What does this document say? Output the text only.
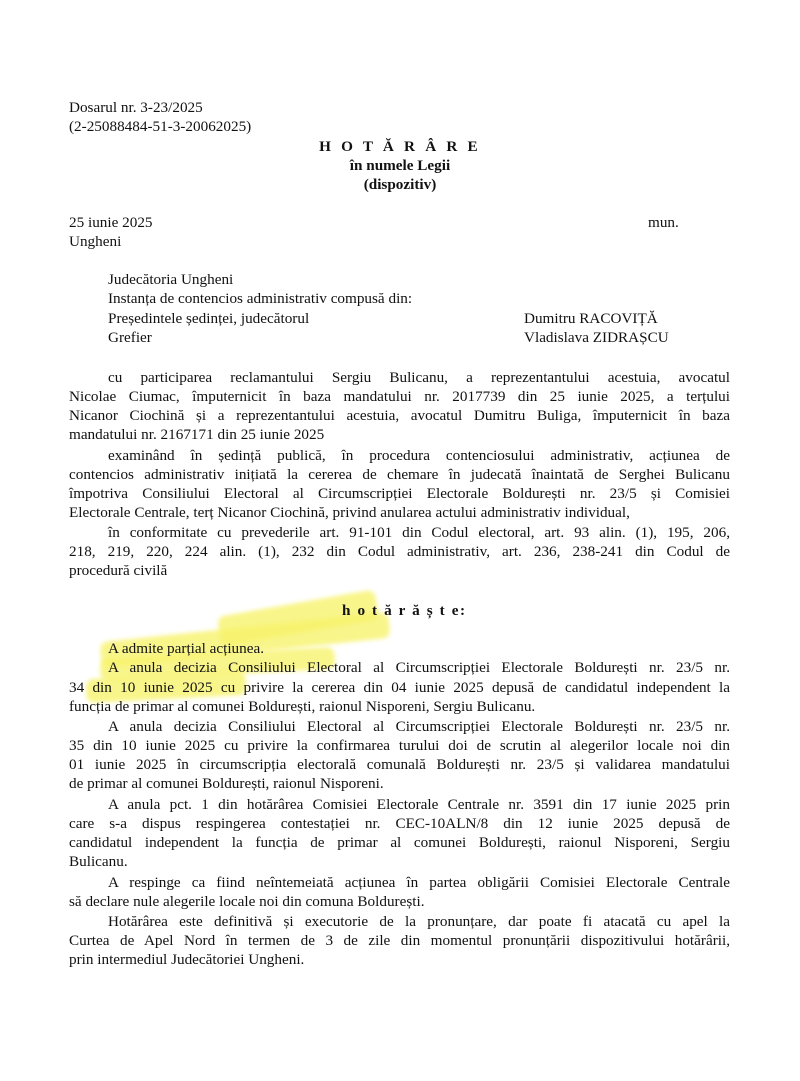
Dosarul nr. 3-23/2025
(2-25088484-51-3-20062025)
H O T Ă R Â R E
în numele Legii
(dispozitiv)
25 iunie 2025	mun.
Ungheni
Judecătoria Ungheni
Instanța de contencios administrativ compusă din:
Președintele ședinței, judecătorul	Dumitru RACOVIȚĂ
Grefier	Vladislava ZIDRAȘCU
cu participarea reclamantului Sergiu Bulicanu, a reprezentantului acestuia, avocatul
Nicolae Ciumac, împuternicit în baza mandatului nr. 2017739 din 25 iunie 2025, a terțului
Nicanor Ciochină și a reprezentantului acestuia, avocatul Dumitru Buliga, împuternicit în baza
mandatului nr. 2167171 din 25 iunie 2025
examinând în ședință publică, în procedura contenciosului administrativ, acțiunea de
contencios administrativ inițiată la cererea de chemare în judecată înaintată de Serghei Bulicanu
împotriva Consiliului Electoral al Circumscripției Electorale Boldurești nr. 23/5 și Comisiei
Electorale Centrale, terț Nicanor Ciochină, privind anularea actului administrativ individual,
în conformitate cu prevederile art. 91-101 din Codul electoral, art. 93 alin. (1), 195, 206,
218, 219, 220, 224 alin. (1), 232 din Codul administrativ, art. 236, 238-241 din Codul de
procedură civilă
h o t ă r ă ș t e:
A admite parțial acțiunea.
A anula decizia Consiliului Electoral al Circumscripției Electorale Boldurești nr. 23/5 nr.
34 din 10 iunie 2025 cu privire la cererea din 04 iunie 2025 depusă de candidatul independent la
funcția de primar al comunei Boldurești, raionul Nisporeni, Sergiu Bulicanu.
A anula decizia Consiliului Electoral al Circumscripției Electorale Boldurești nr. 23/5 nr.
35 din 10 iunie 2025 cu privire la confirmarea turului doi de scrutin al alegerilor locale noi din
01 iunie 2025 în circumscripția electorală comunală Boldurești nr. 23/5 și validarea mandatului
de primar al comunei Boldurești, raionul Nisporeni.
A anula pct. 1 din hotărârea Comisiei Electorale Centrale nr. 3591 din 17 iunie 2025 prin
care s-a dispus respingerea contestației nr. CEC-10ALN/8 din 12 iunie 2025 depusă de
candidatul independent la funcția de primar al comunei Boldurești, raionul Nisporeni, Sergiu
Bulicanu.
A respinge ca fiind neîntemeiată acțiunea în partea obligării Comisiei Electorale Centrale
să declare nule alegerile locale noi din comuna Boldurești.
Hotărârea este definitivă și executorie de la pronunțare, dar poate fi atacată cu apel la
Curtea de Apel Nord în termen de 3 de zile din momentul pronunțării dispozitivului hotărârii,
prin intermediul Judecătoriei Ungheni.
